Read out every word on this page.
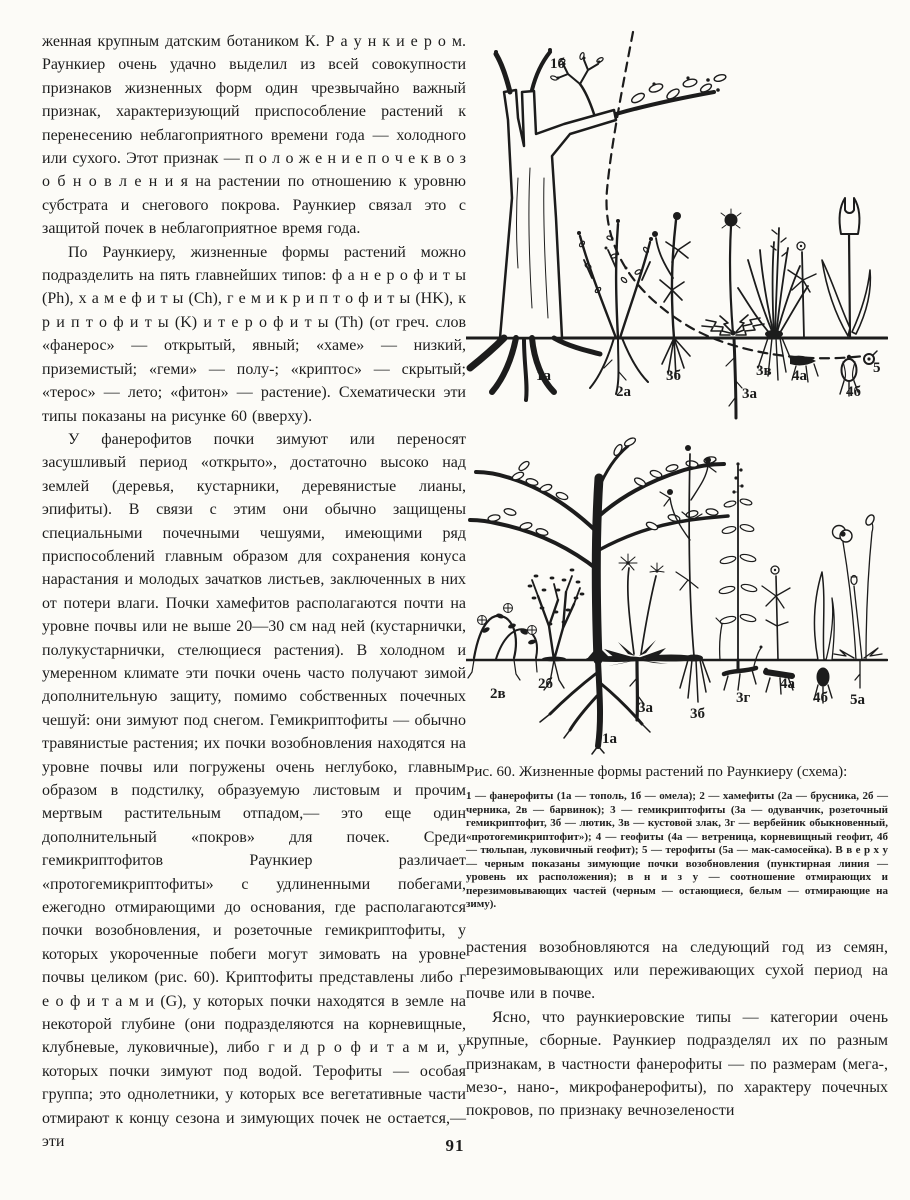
женная крупным датским ботаником К. Р а у н к и е р о м. Раункиер очень удачно выделил из всей совокупности признаков жизненных форм один чрезвычайно важный признак, характеризующий приспособление растений к перенесению неблагоприятного времени года — холодного или сухого. Этот признак — п о л о ж е н и е п о ч е к в о з о б н о в л е н и я на растении по отношению к уровню субстрата и снегового покрова. Раункиер связал это с защитой почек в неблагоприятное время года.

По Раункиеру, жизненные формы растений можно подразделить на пять главнейших типов: ф а н е р о ф и т ы (Ph), х а м е ф и т ы (Ch), г е м и к р и п т о ф и т ы (HK), к р и п т о ф и т ы (K) и т е р о ф и т ы (Th) (от греч. слов «фанерос» — открытый, явный; «хаме» — низкий, приземистый; «геми» — полу-; «криптос» — скрытый; «терос» — лето; «фитон» — растение). Схематически эти типы показаны на рисунке 60 (вверху).

У фанерофитов почки зимуют или переносят засушливый период «открыто», достаточно высоко над землей (деревья, кустарники, деревянистые лианы, эпифиты). В связи с этим они обычно защищены специальными почечными чешуями, имеющими ряд приспособлений главным образом для сохранения конуса нарастания и молодых зачатков листьев, заключенных в них от потери влаги. Почки хамефитов располагаются почти на уровне почвы или не выше 20—30 см над ней (кустарнички, полукустарнички, стелющиеся растения). В холодном и умеренном климате эти почки очень часто получают зимой дополнительную защиту, помимо собственных почечных чешуй: они зимуют под снегом. Гемикриптофиты — обычно травянистые растения; их почки возобновления находятся на уровне почвы или погружены очень неглубоко, главным образом в подстилку, образуемую листовым и прочим мертвым растительным отпадом,— это еще один дополнительный «покров» для почек. Среди гемикриптофитов Раункиер различает «протогемикриптофиты» с удлиненными побегами, ежегодно отмирающими до основания, где располагаются почки возобновления, и розеточные гемикриптофиты, у которых укороченные побеги могут зимовать на уровне почвы целиком (рис. 60). Криптофиты представлены либо г е о ф и т а м и (G), у которых почки находятся в земле на некоторой глубине (они подразделяются на корневищные, клубневые, луковичные), либо г и д р о ф и т а м и, у которых почки зимуют под водой. Терофиты — особая группа; это однолетники, у которых все вегетативные части отмирают к концу сезона и зимующих почек не остается,— эти

1б
1а
2а
3б
3а
3в 4а	5
4б
2в
2б
1а
3а 3б
3г
4а
4б 5а

Рис. 60. Жизненные формы растений по Раункиеру (схема):

1 — фанерофиты (1а — тополь, 1б — омела); 2 — хамефиты (2а — брусника, 2б — черника, 2в — барвинок); 3 — гемикриптофиты (3а — одуванчик, розеточный гемикриптофит, 3б — лютик, 3в — кустовой злак, 3г — вербейник обыкновенный, «протогемикриптофит»); 4 — геофиты (4а — ветреница, корневищный геофит, 4б — тюльпан, луковичный геофит); 5 — терофиты (5а — мак-самосейка). В в е р х у — черным показаны зимующие почки возобновления (пунктирная линия — уровень их расположения); в н и з у — соотношение отмирающих и перезимовывающих частей (черным — остающиеся, белым — отмирающие на зиму).

растения возобновляются на следующий год из семян, перезимовывающих или переживающих сухой период на почве или в почве.

Ясно, что раункиеровские типы — категории очень крупные, сборные. Раункиер подразделял их по разным признакам, в частности фанерофиты — по размерам (мега-, мезо-, нано-, микрофанерофиты), по характеру почечных покровов, по признаку вечнозелености

91
